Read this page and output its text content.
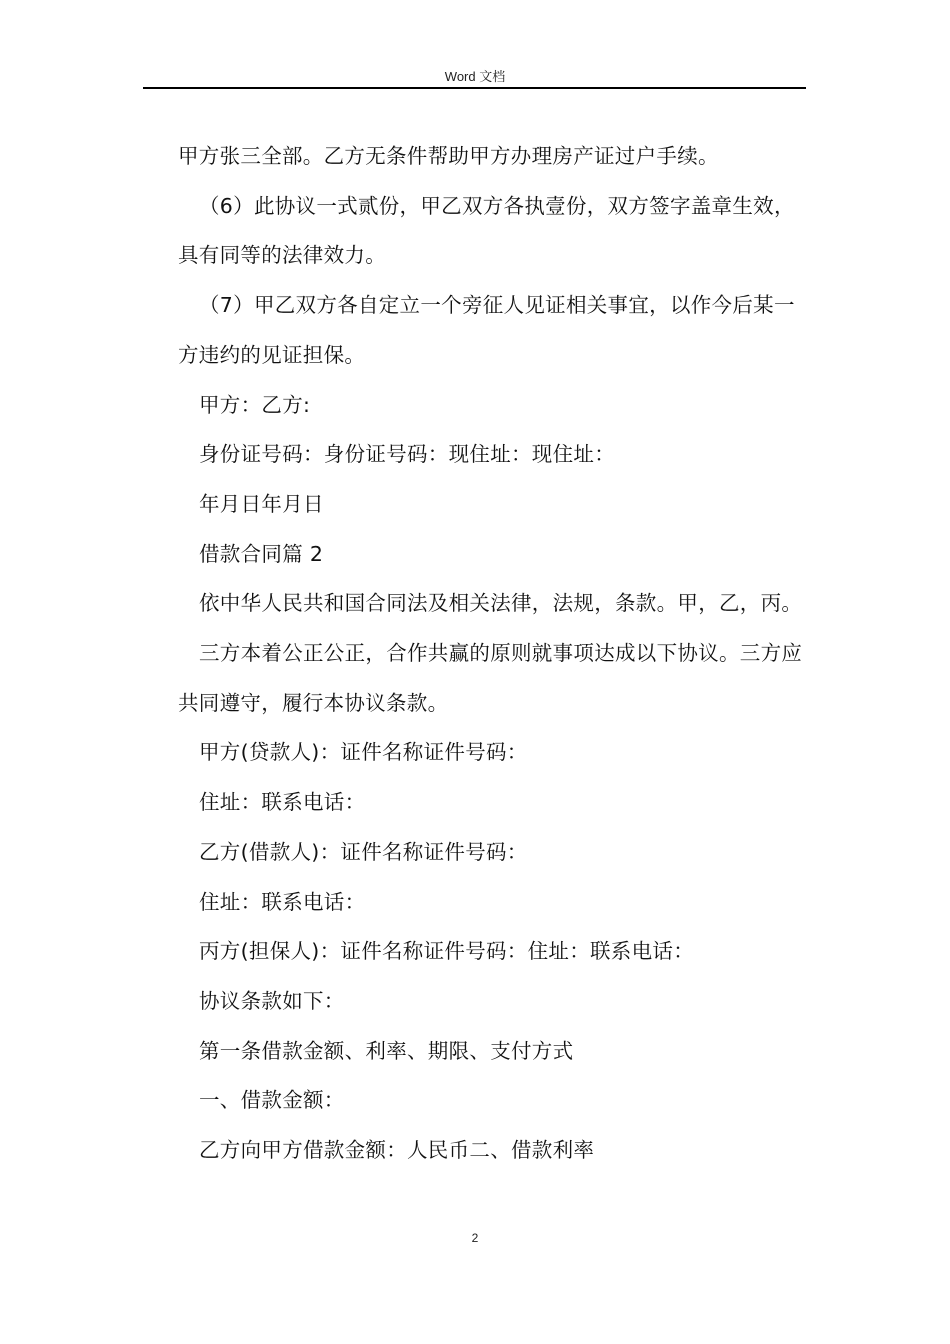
Word 文档

甲方张三全部。乙方无条件帮助甲方办理房产证过户手续。

（6）此协议一式贰份，甲乙双方各执壹份，双方签字盖章生效，具有同等的法律效力。

（7）甲乙双方各自定立一个旁征人见证相关事宜，以作今后某一方违约的见证担保。

甲方：乙方:

身份证号码：身份证号码：现住址：现住址：

年月日年月日

借款合同篇 2

依中华人民共和国合同法及相关法律，法规，条款。甲，乙，丙。

三方本着公正公正，合作共赢的原则就事项达成以下协议。三方应共同遵守，履行本协议条款。

甲方(贷款人)：证件名称证件号码：

住址：联系电话：

乙方(借款人)：证件名称证件号码：

住址：联系电话：

丙方(担保人)：证件名称证件号码：住址：联系电话：

协议条款如下：

第一条借款金额、利率、期限、支付方式

一、借款金额：

乙方向甲方借款金额：人民币二、借款利率

2
